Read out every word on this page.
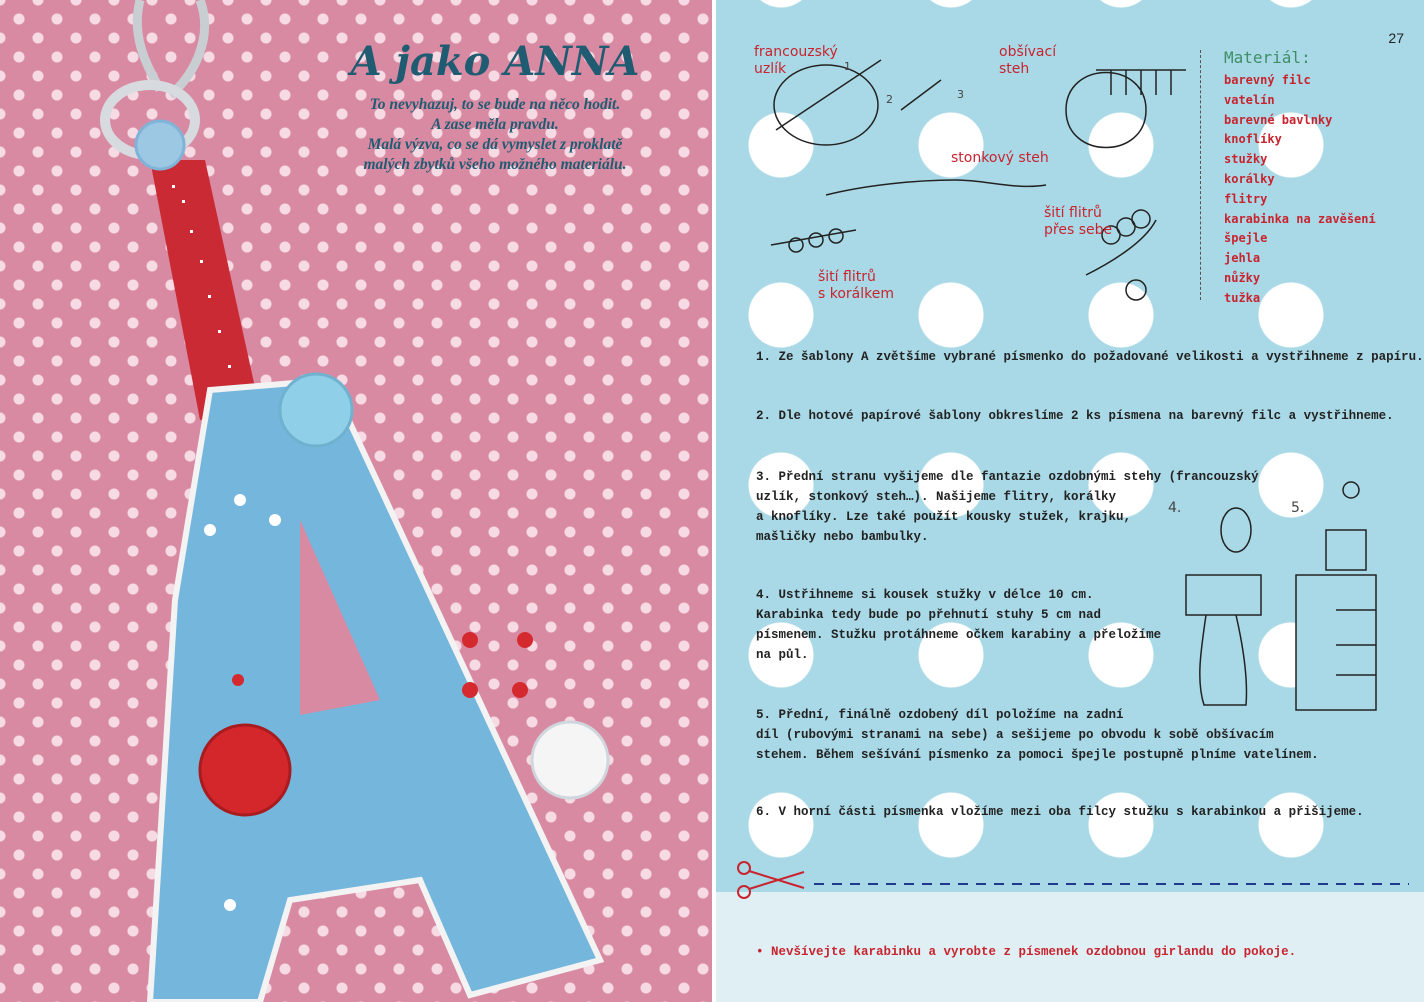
A jako ANNA
To nevyhazuj, to se bude na něco hodit.
A zase měla pravdu.
Malá výzva, co se dá vymyslet z proklatě
malých zbytků všeho možného materiálu.
27
francouzský
uzlík
obšívací
steh
stonkový steh
šití flitrů
přes sebe
šití flitrů
s korálkem
1
2	3
Materiál:
barevný filc
vatelín
barevné bavlnky
knoflíky
stužky
korálky
flitry
karabinka na zavěšení
špejle
jehla
nůžky
tužka
1. Ze šablony A zvětšíme vybrané písmenko do požadované velikosti a vystřihneme z papíru.
2. Dle hotové papírové šablony obkreslíme 2 ks písmena na barevný filc a vystřihneme.
3. Přední stranu vyšijeme dle fantazie ozdobnými stehy (francouzský
uzlík, stonkový steh…). Našijeme flitry, korálky
a knoflíky. Lze také použít kousky stužek, krajku,
mašličky nebo bambulky.
4. Ustřihneme si kousek stužky v délce 10 cm.
Karabinka tedy bude po přehnutí stuhy 5 cm nad
písmenem. Stužku protáhneme očkem karabiny a přeložíme
na půl.
5. Přední, finálně ozdobený díl položíme na zadní
díl (rubovými stranami na sebe) a sešijeme po obvodu k sobě obšívacím
stehem. Během sešívání písmenko za pomoci špejle postupně plníme vatelínem.
6. V horní části písmenka vložíme mezi oba filcy stužku s karabinkou a přišijeme.
4.	5.
• Nevšívejte karabinku a vyrobte z písmenek ozdobnou girlandu do pokoje.
